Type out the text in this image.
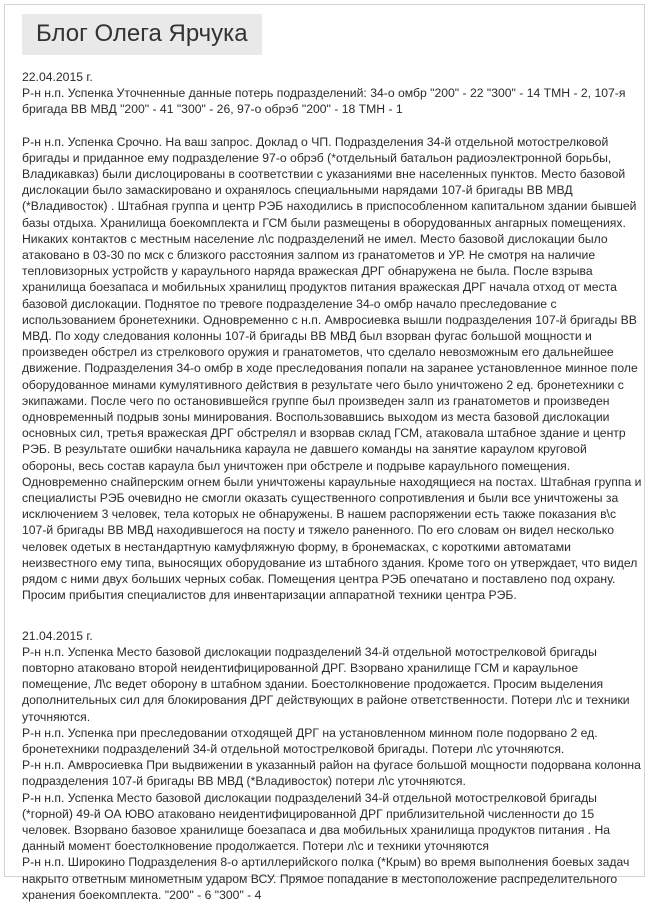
Блог Олега Ярчука

22.04.2015 г.

Р-н н.п. Успенка Уточненные данные потерь подразделений: 34-о омбр "200" - 22 "300" - 14 ТМН - 2, 107-я бригада ВВ МВД "200" - 41 "300" - 26, 97-о обрэб "200" - 18 ТМН - 1

Р-н н.п. Успенка Срочно. На ваш запрос. Доклад о ЧП. Подразделения 34-й отдельной мотострелковой бригады и приданное ему подразделение 97-о обрэб (*отдельный батальон радиоэлектронной борьбы, Владикавказ) были дислоцированы в соответствии с указаниями вне населенных пунктов. Место базовой дислокации было замаскировано и охранялось специальными нарядами 107-й бригады ВВ МВД (*Владивосток) . Штабная группа и центр РЭБ находились в приспособленном капитальном здании бывшей базы отдыха. Хранилища боекомплекта и ГСМ были размещены в оборудованных ангарных помещениях. Никаких контактов с местным население л\с подразделений не имел. Место базовой дислокации было атаковано в 03-30 по мск с близкого расстояния залпом из гранатометов и УР. Не смотря на наличие тепловизорных устройств у караульного наряда вражеская ДРГ обнаружена не была. После взрыва хранилища боезапаса и мобильных хранилищ продуктов питания вражеская ДРГ начала отход от места базовой дислокации. Поднятое по тревоге подразделение 34-о омбр начало преследование с использованием бронетехники. Одновременно с н.п. Амвросиевка вышли подразделения 107-й бригады ВВ МВД. По ходу следования колонны 107-й бригады ВВ МВД был взорван фугас большой мощности и произведен обстрел из стрелкового оружия и гранатометов, что сделало невозможным его дальнейшее движение. Подразделения 34-о омбр в ходе преследования попали на заранее установленное минное поле оборудованное минами кумулятивного действия в результате чего было уничтожено 2 ед. бронетехники с экипажами. После чего по остановившейся группе был произведен залп из гранатометов и произведен одновременный подрыв зоны минирования. Воспользовавшись выходом из места базовой дислокации основных сил, третья вражеская ДРГ обстрелял и взорвав склад ГСМ, атаковала штабное здание и центр РЭБ. В результате ошибки начальника караула не давшего команды на занятие караулом круговой обороны, весь состав караула был уничтожен при обстреле и подрыве караульного помещения. Одновременно снайперским огнем были уничтожены караульные находящиеся на постах. Штабная группа и специалисты РЭБ очевидно не смогли оказать существенного сопротивления и были все уничтожены за исключением 3 человек, тела которых не обнаружены. В нашем распоряжении есть также показания в\с 107-й бригады ВВ МВД находившегося на посту и тяжело раненного. По его словам он видел несколько человек одетых в нестандартную камуфляжную форму, в бронемасках, с короткими автоматами неизвестного ему типа, выносящих оборудование из штабного здания. Кроме того он утверждает, что видел рядом с ними двух больших черных собак. Помещения центра РЭБ опечатано и поставлено под охрану. Просим прибытия специалистов для инвентаризации аппаратной техники центра РЭБ.

21.04.2015 г.

Р-н н.п. Успенка Место базовой дислокации подразделений 34-й отдельной мотострелковой бригады повторно атаковано второй неидентифицированной ДРГ. Взорвано хранилище ГСМ и караульное помещение, Л\с ведет оборону в штабном здании. Боестолкновение продожается. Просим выделения дополнительных сил для блокирования ДРГ действующих в районе ответственности. Потери л\с и техники уточняются.

Р-н н.п. Успенка при преследовании отходящей ДРГ на установленном минном поле подорвано 2 ед. бронетехники подразделений 34-й отдельной мотострелковой бригады. Потери л\с уточняются.

Р-н н.п. Амвросиевка При выдвижении в указанный район на фугасе большой мощности подорвана колонна подразделения 107-й бригады ВВ МВД (*Владивосток) потери л\с уточняются.

Р-н н.п. Успенка Место базовой дислокации подразделений 34-й отдельной мотострелковой бригады (*горной) 49-й ОА ЮВО атаковано неидентифицированной ДРГ приблизительной численности до 15 человек. Взорвано базовое хранилище боезапаса и два мобильных хранилища продуктов питания . На данный момент боестолкновение продолжается. Потери л\с и техники уточняются

Р-н н.п. Широкино Подразделения 8-о артиллерийского полка (*Крым) во время выполнения боевых задач накрыто ответным минометным ударом ВСУ. Прямое попадание в местоположение распределительного хранения боекомплекта. "200" - 6 "300" - 4
